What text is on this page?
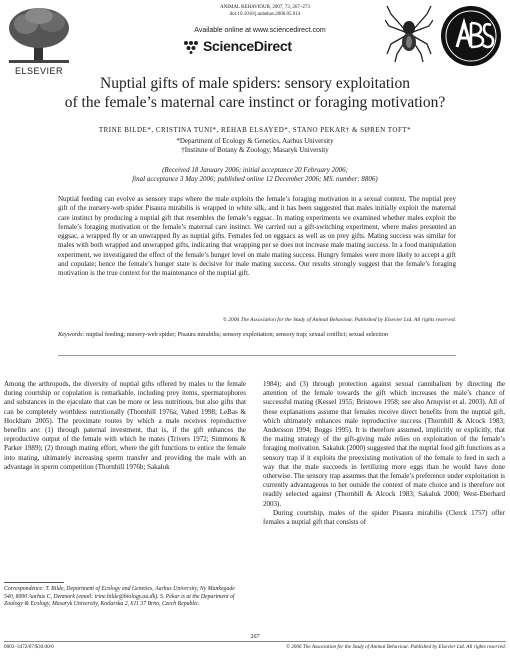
ELSEVIER
ANIMAL BEHAVIOUR, 2007, 73, 267–273
doi:10.1016/j.anbehav.2006.05.014
Available online at www.sciencedirect.com
ScienceDirect
Nuptial gifts of male spiders: sensory exploitation
of the female’s maternal care instinct or foraging motivation?
TRINE BILDE*, CRISTINA TUNI*, REHAB ELSAYED*, STANO PEKAR† & SØREN TOFT*
*Department of Ecology & Genetics, Aarhus University
†Institute of Botany & Zoology, Masaryk University
(Received 18 January 2006; initial acceptance 20 February 2006;
final acceptance 3 May 2006; published online 12 December 2006; MS. number: 8806)
Nuptial feeding can evolve as sensory traps where the male exploits the female’s foraging motivation in a sexual context. The nuptial prey gift of the nursery-web spider Pisaura mirabilis is wrapped in white silk, and it has been suggested that males initially exploit the maternal care instinct by producing a nuptial gift that resembles the female’s eggsac. In mating experiments we examined whether males exploit the female’s foraging motivation or the female’s maternal care instinct. We carried out a gift-switching experiment, where males presented an eggsac, a wrapped fly or an unwrapped fly as nuptial gifts. Females fed on eggsacs as well as on prey gifts. Mating success was similar for males with both wrapped and unwrapped gifts, indicating that wrapping per se does not increase male mating success. In a food manipulation experiment, we investigated the effect of the female’s hunger level on male mating success. Hungry females were more likely to accept a gift and copulate; hence the female’s hunger state is decisive for male mating success. Our results strongly suggest that the female’s foraging motivation is the true context for the maintenance of the nuptial gift.
© 2006 The Association for the Study of Animal Behaviour. Published by Elsevier Ltd. All rights reserved.
Keywords: nuptial feeding; nursery-web spider; Pisaura mirabilis; sensory exploitation; sensory trap; sexual conflict; sexual selection
Among the arthropods, the diversity of nuptial gifts offered by males to the female during courtship or copulation is remarkable, including prey items, spermatophores and substances in the ejaculate that can be more or less nutritious, but also gifts that can be completely worthless nutritionally (Thornhill 1976a; Vahed 1998; LeBas & Hockham 2005). The proximate routes by which a male receives reproductive benefits are: (1) through paternal investment, that is, if the gift enhances the reproductive output of the female with which he mates (Trivers 1972; Simmons & Parker 1989); (2) through mating effort, where the gift functions to entice the female into mating, ultimately increasing sperm transfer and providing the male with an advantage in sperm competition (Thornhill 1976b; Sakaluk
1984); and (3) through protection against sexual cannibalism by directing the attention of the female towards the gift which increases the male’s chance of successful mating (Kessel 1955; Bristowe 1958; see also Arnqvist et al. 2003). All of these explanations assume that females receive direct benefits from the nuptial gift, which ultimately enhances male reproductive success (Thornhill & Alcock 1983; Andersson 1994; Boggs 1995). It is therefore assumed, implicitly or explicitly, that the mating strategy of the gift-giving male relies on exploitation of the female’s foraging motivation. Sakaluk (2000) suggested that the nuptial food gift functions as a sensory trap if it exploits the preexisting motivation of the female to feed in such a way that the male succeeds in fertilizing more eggs than he would have done otherwise. The sensory trap assumes that the female’s preference under exploitation is currently advantageous to her outside the context of mate choice and is therefore not readily selected against (Thornhill & Alcock 1983; Sakaluk 2000; West-Eberhard 2003).
During courtship, males of the spider Pisaura mirabilis (Clerck 1757) offer females a nuptial gift that consists of
Correspondence: T. Bilde, Department of Ecology and Genetics, Aarhus University, Ny Munkegade 540, 8000 Aarhus C, Denmark (email: trine.bilde@biology.au.dk). S. Pekar is at the Department of Zoology & Ecology, Masaryk University, Kotlarska 2, 611 37 Brno, Czech Republic.
267
0003–3472/07/$30.00/0	© 2006 The Association for the Study of Animal Behaviour. Published by Elsevier Ltd. All rights reserved.
